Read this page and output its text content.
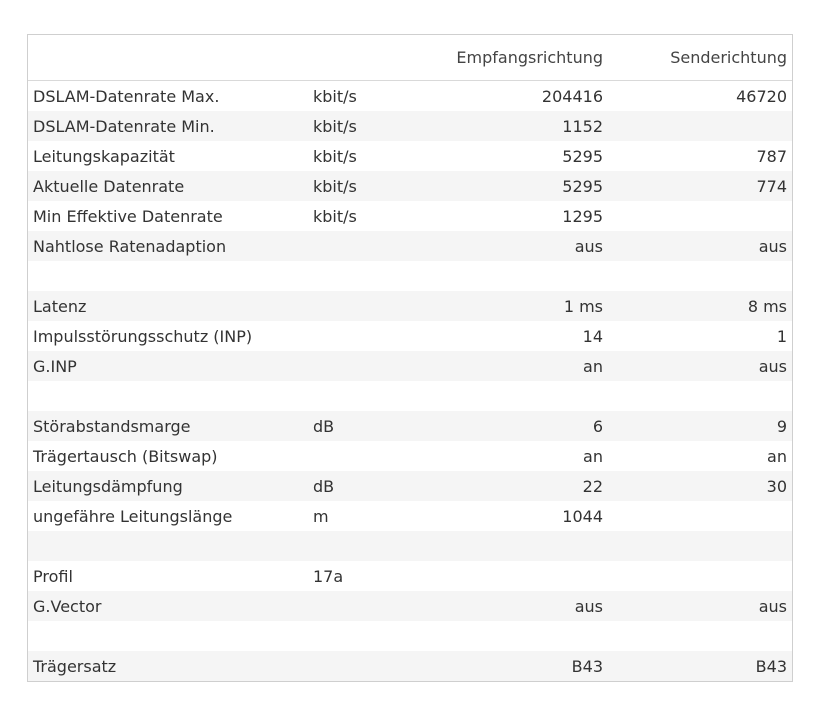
		Empfangsrichtung	Senderichtung
DSLAM-Datenrate Max.	kbit/s	204416	46720
DSLAM-Datenrate Min.	kbit/s	1152	
Leitungskapazität	kbit/s	5295	787
Aktuelle Datenrate	kbit/s	5295	774
Min Effektive Datenrate	kbit/s	1295	
Nahtlose Ratenadaption		aus	aus

Latenz		1 ms	8 ms
Impulsstörungsschutz (INP)		14	1
G.INP		an	aus

Störabstandsmarge	dB	6	9
Trägertausch (Bitswap)		an	an
Leitungsdämpfung	dB	22	30
ungefähre Leitungslänge	m	1044	

Profil	17a		
G.Vector		aus	aus

Trägersatz		B43	B43
